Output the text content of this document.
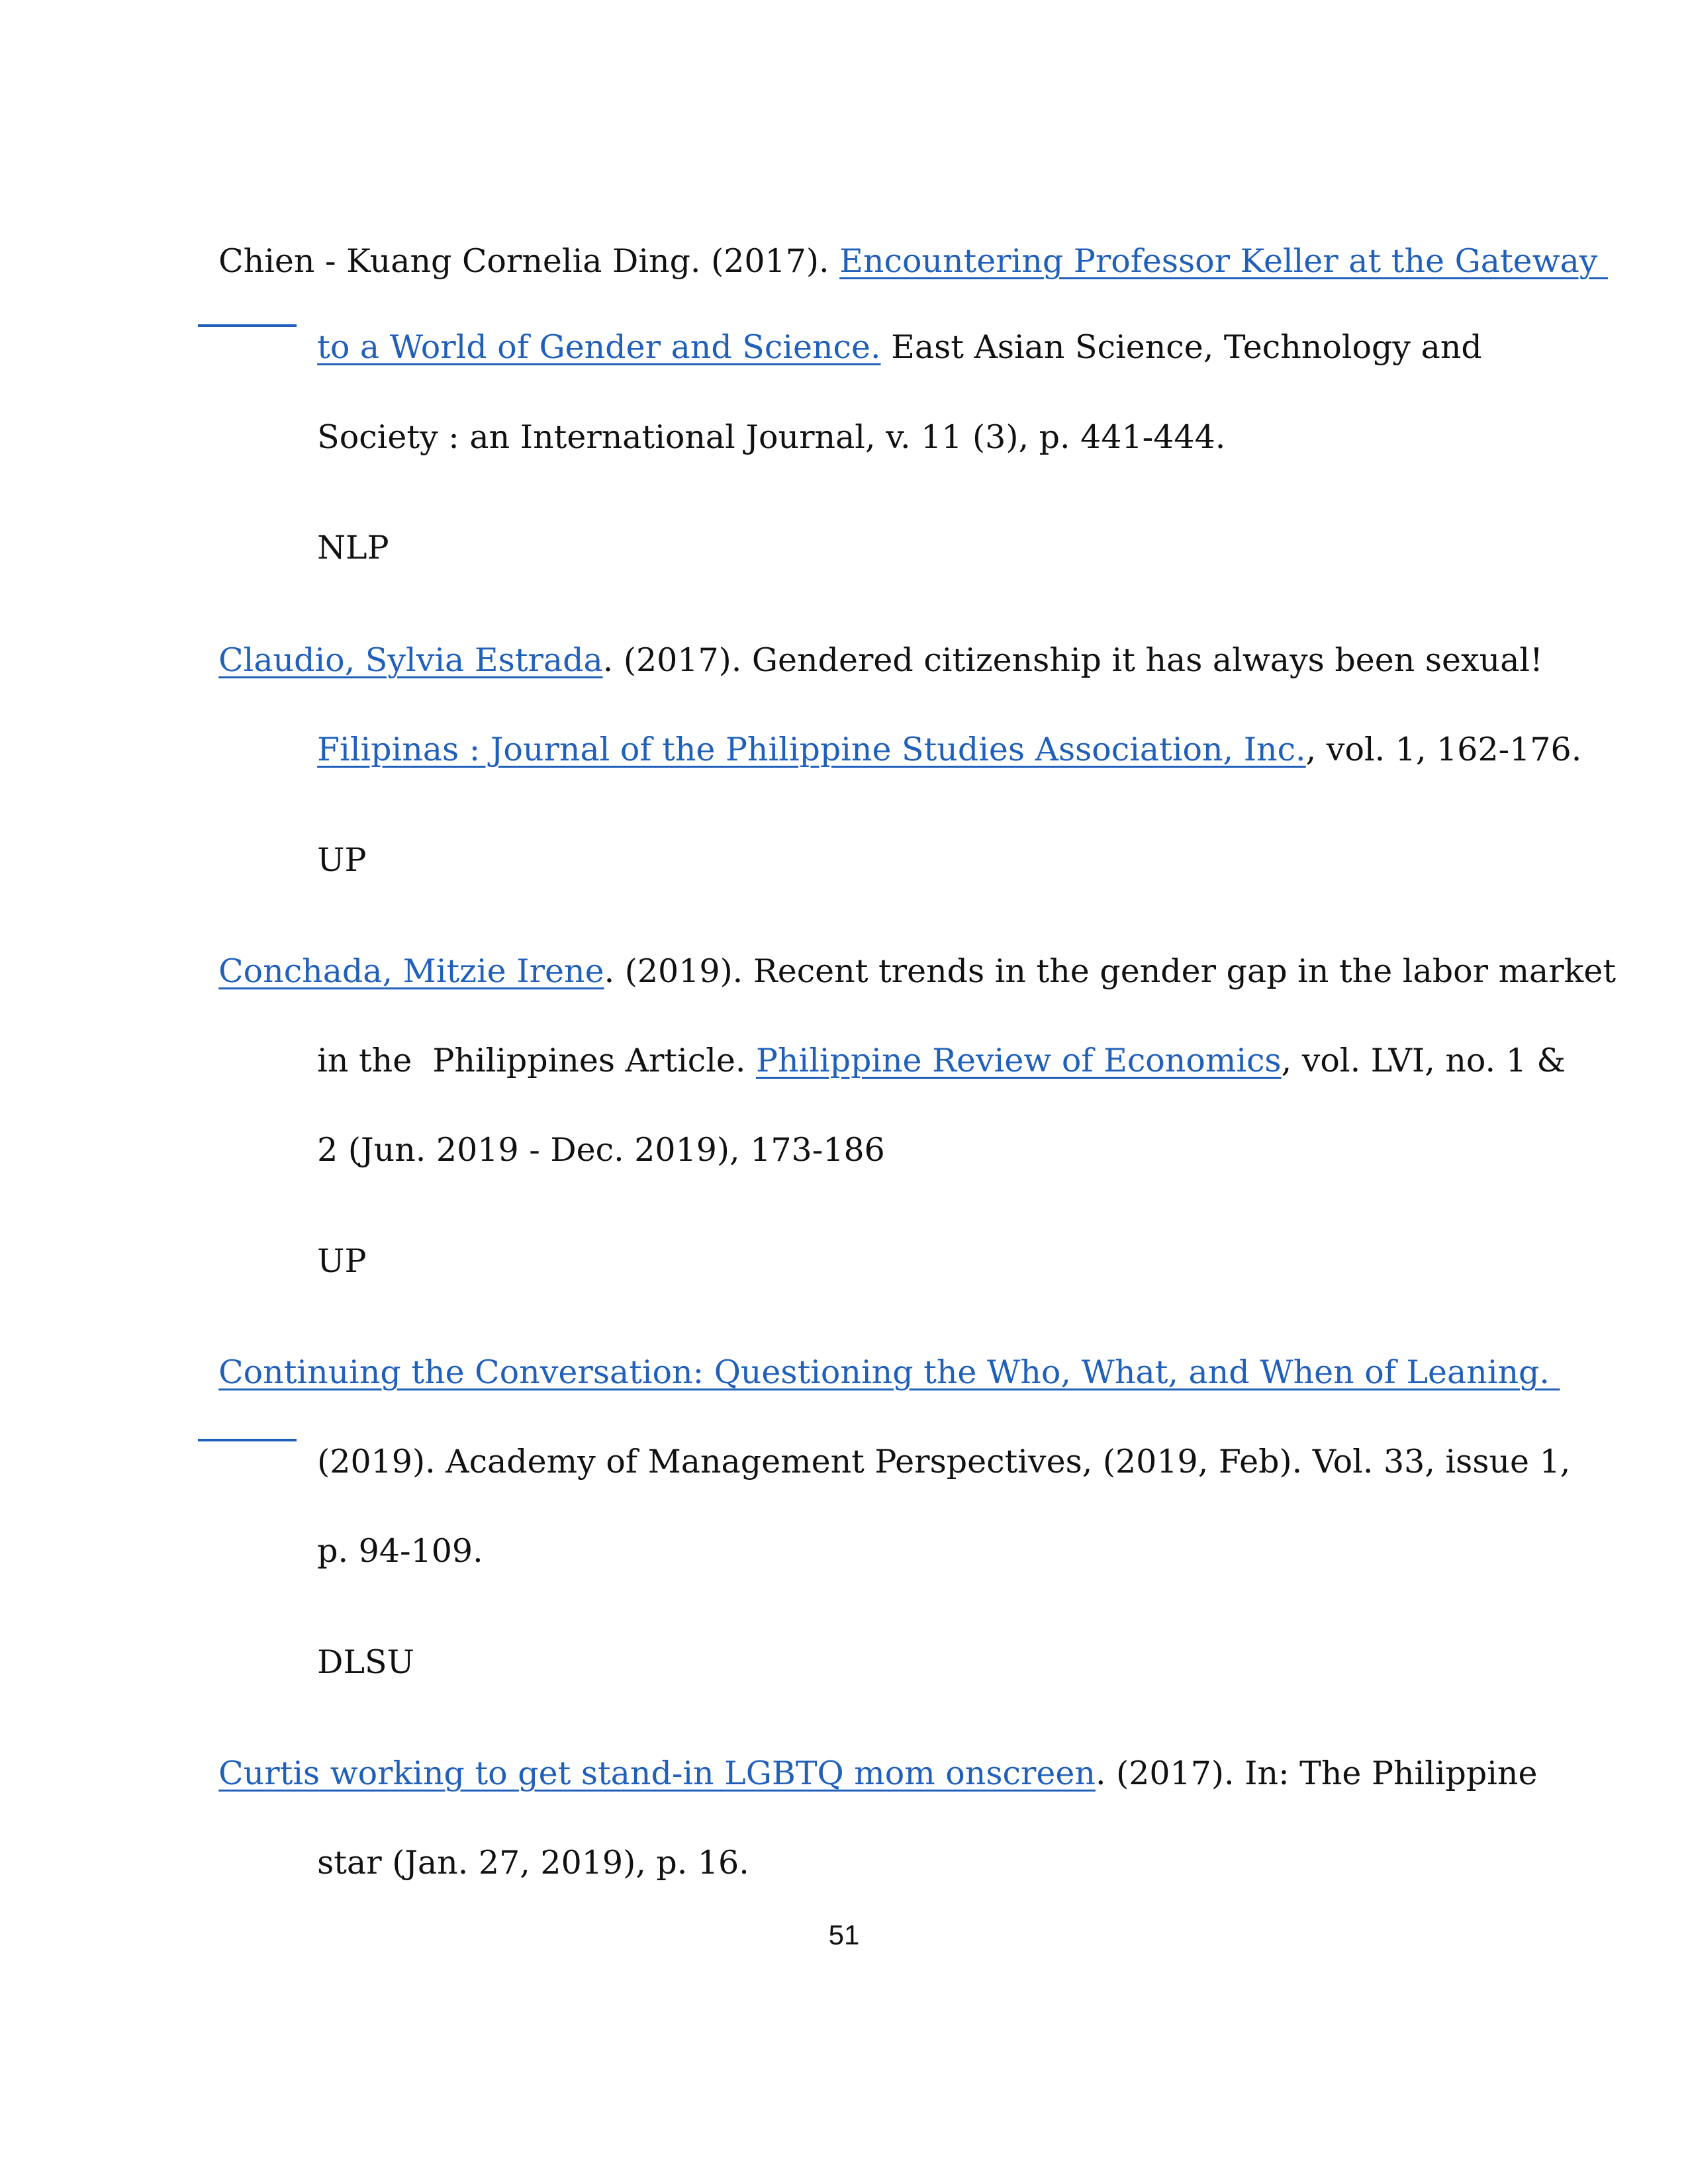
Chien - Kuang Cornelia Ding. (2017). Encountering Professor Keller at the Gateway

to a World of Gender and Science. East Asian Science, Technology and

Society : an International Journal, v. 11 (3), p. 441-444.

NLP

Claudio, Sylvia Estrada. (2017). Gendered citizenship it has always been sexual!

Filipinas : Journal of the Philippine Studies Association, Inc., vol. 1, 162-176.

UP

Conchada, Mitzie Irene. (2019). Recent trends in the gender gap in the labor market

in the  Philippines Article. Philippine Review of Economics, vol. LVI, no. 1 &

2 (Jun. 2019 - Dec. 2019), 173-186

UP

Continuing the Conversation: Questioning the Who, What, and When of Leaning.

(2019). Academy of Management Perspectives, (2019, Feb). Vol. 33, issue 1,

p. 94-109.

DLSU

Curtis working to get stand-in LGBTQ mom onscreen. (2017). In: The Philippine

star (Jan. 27, 2019), p. 16.

51
